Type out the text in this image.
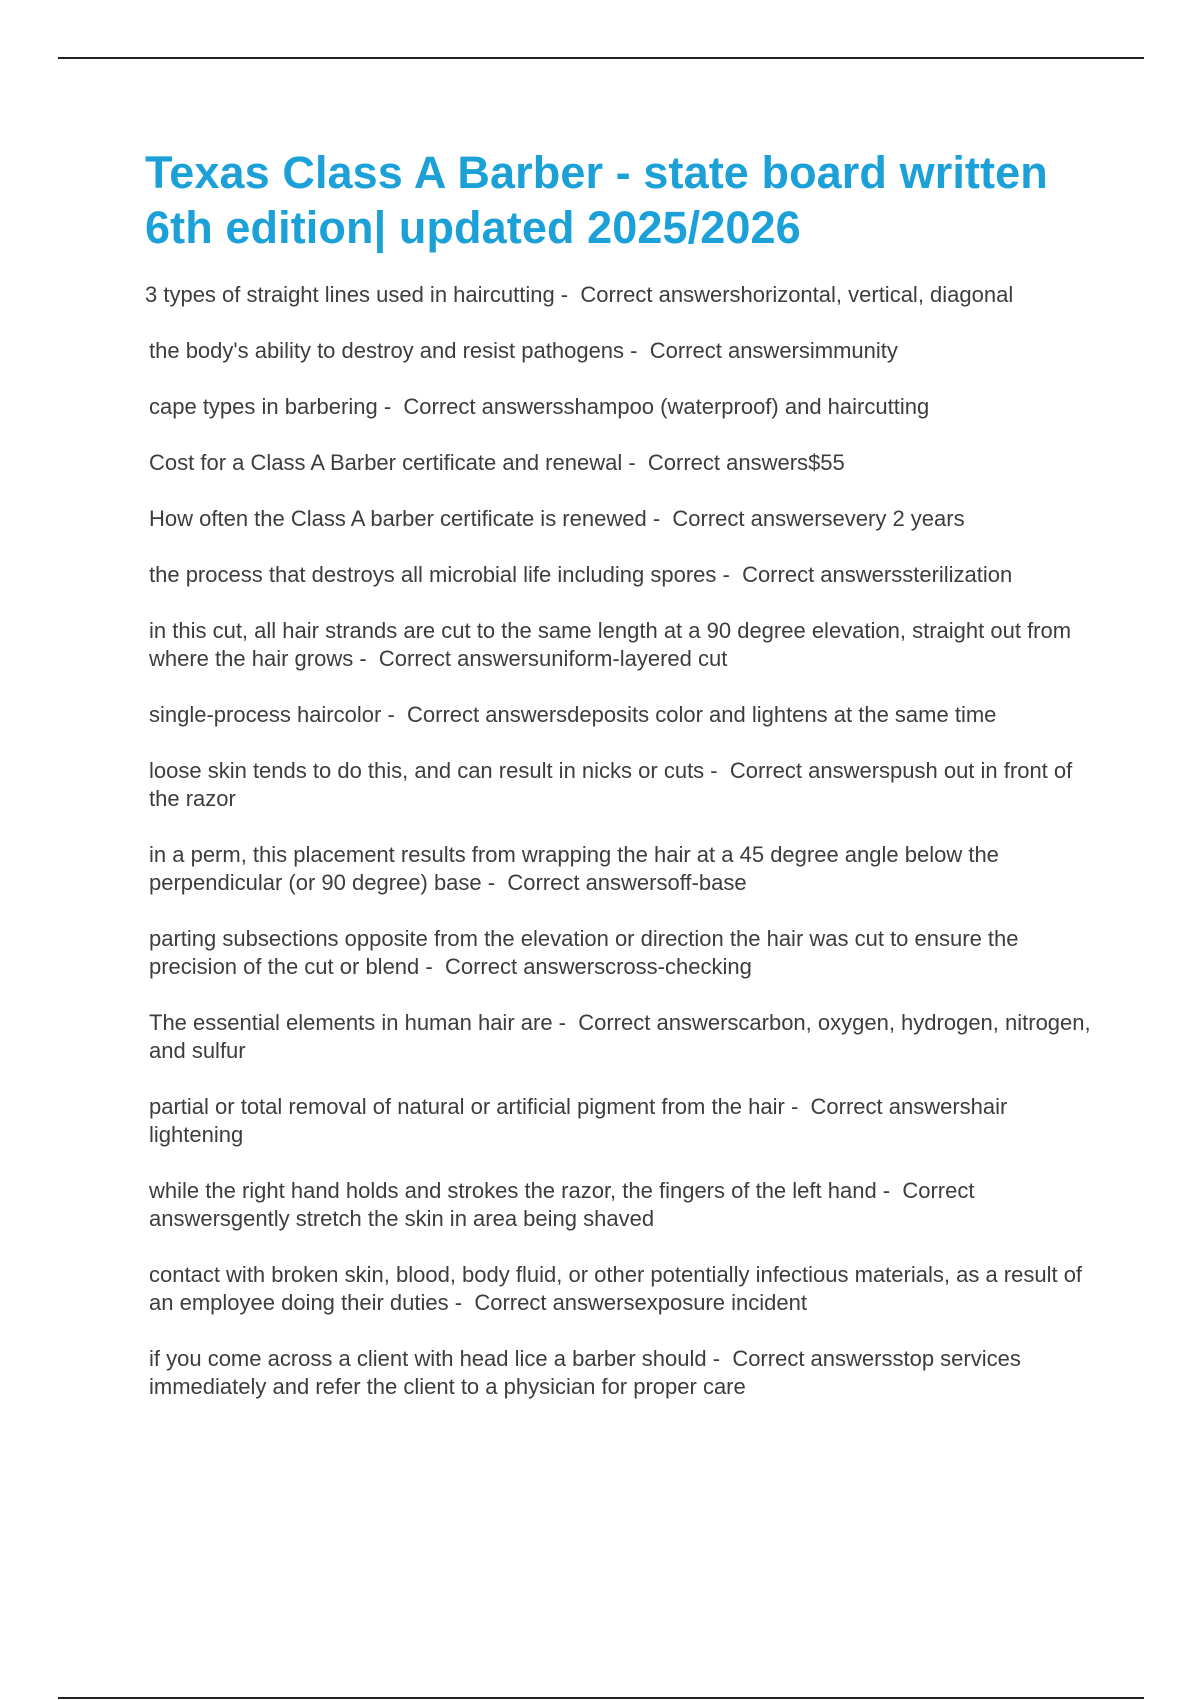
Texas Class A Barber - state board written 6th edition| updated 2025/2026
3 types of straight lines used in haircutting -  Correct answershorizontal, vertical, diagonal
the body's ability to destroy and resist pathogens -  Correct answersimmunity
cape types in barbering -  Correct answersshampoo (waterproof) and haircutting
Cost for a Class A Barber certificate and renewal -  Correct answers$55
How often the Class A barber certificate is renewed -  Correct answersevery 2 years
the process that destroys all microbial life including spores -  Correct answerssterilization
in this cut, all hair strands are cut to the same length at a 90 degree elevation, straight out from where the hair grows -  Correct answersuniform-layered cut
single-process haircolor -  Correct answersdeposits color and lightens at the same time
loose skin tends to do this, and can result in nicks or cuts -  Correct answerspush out in front of the razor
in a perm, this placement results from wrapping the hair at a 45 degree angle below the perpendicular (or 90 degree) base -  Correct answersoff-base
parting subsections opposite from the elevation or direction the hair was cut to ensure the precision of the cut or blend -  Correct answerscross-checking
The essential elements in human hair are -  Correct answerscarbon, oxygen, hydrogen, nitrogen, and sulfur
partial or total removal of natural or artificial pigment from the hair -  Correct answershair lightening
while the right hand holds and strokes the razor, the fingers of the left hand -  Correct answersgently stretch the skin in area being shaved
contact with broken skin, blood, body fluid, or other potentially infectious materials, as a result of an employee doing their duties -  Correct answersexposure incident
if you come across a client with head lice a barber should -  Correct answersstop services immediately and refer the client to a physician for proper care
